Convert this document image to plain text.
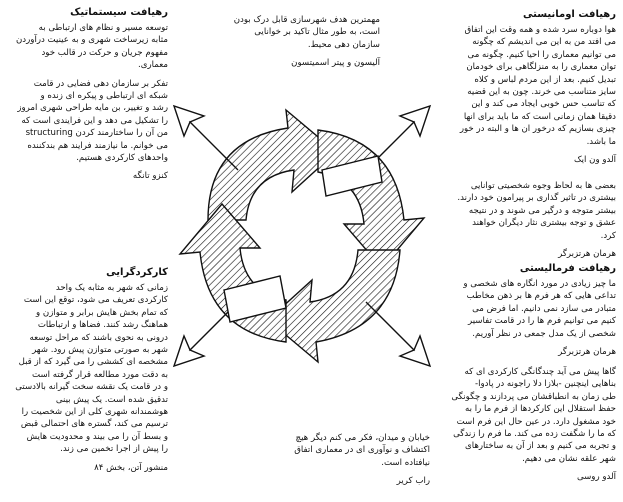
رهیافت سیستماتیک

توسعه مسیر و نظام های ارتباطی به
مثابه زیرساخت شهری و به عینیت درآوردن
مفهوم جریان و حرکت در قالب خود
معماری.

تفکر بر سازمان دهی فضایی در قامت
شبکه ای ارتباطی و پیکره ای زنده و
رشد و تغییر، بن مایه طراحی شهری امروز
را تشکیل می دهد و این فرایندی است که
من آن را ساختارمند کردن structuring
می خوانم. ما نیازمند فرایند هم بندکننده
واحدهای کارکردی هستیم.

کنزو تانگه
کارکردگرایی

زمانی که شهر به مثابه یک واحد
کارکردی تعریف می شود، توقع این است
که تمام بخش هایش برابر و متوازن و
هماهنگ رشد کنند. فضاها و ارتباطات
درونی به نحوی باشند که مراحل توسعه
شهر به صورتی متوازن پیش رود. شهر
مشخصه ای کششی را می گیرد که از قبل
به دقت مورد مطالعه قرار گرفته است
و در قامت یک نقشه سخت گیرانه بالادستی
تدقیق شده است. یک پیش بینی
هوشمندانه شهری کلی از این شخصیت را
ترسیم می کند، گستره های احتمالی قبض
و بسط آن را می بیند و محدودیت هایش
را پیش از اجرا تخمین می زند.

منشور آتن، بخش ۸۴

مهمترین هدف شهرسازی قابل درک بودن
است، به طور مثال تاکید بر خوانایی
سازمان دهی محیط.

آلیسون و پیتر اسمیتسون
رهیافت اومانیستی

هوا دوباره سرد شده و همه وقت این اتفاق
می افتد من به این می اندیشم که چگونه
می توانیم معماری را احیا کنیم. چگونه می
توان معماری را به منزلگاهی برای خودمان
تبدیل کنیم. بعد از این مردم لباس و کلاه
سایز متناسب می خرند. چون به این قضیه
که تناسب حس خوبی ایجاد می کند و این
دقیقا همان زمانی است که ما باید برای انها
چیزی بسازیم که درخور ان ها و البته در خور
ما باشد.

آلدو ون ایک

بعضی ها به لحاظ وجوه شخصیتی توانایی
بیشتری در تاثیر گذاری بر پیرامون خود دارند.
بیشتر متوجه و درگیر می شوند و در نتیجه
عشق و توجه بیشتری نثار دیگران خواهند
کرد.

هرمان هرتزبرگر
رهیافت فرمالیستی

ما چیز زیادی در مورد انگاره های شخصی و
تداعی هایی که هر فرم ها بر ذهن مخاطب
متبادر می سازد نمی دانیم. اما فرض می
کنیم می توانیم فرم ها را در قامت تفاسیر
شخصی از یک مدل جمعی در نظر آوریم.

هرمان هرتزبرگر

گاها پیش می آید چندگانگی کارکردی ای که
بناهایی اینچنین -بلازا دلا راجونه در پادوا-
طی زمان به انطباقشان می پردازند و چگونگی
حفظ استقلال این کارکردها از فرم ما را به
خود مشغول دارد. در عین حال این فرم است
که ما را شگفت زده می کند. ما فرم را زندگی
و تجربه می کنیم و بعد از آن به ساختارهای
شهر علقه نشان می دهیم.

آلدو روسی

خیابان و میدان، فکر می کنم دیگر هیچ
اکتشاف و نوآوری ای در معماری اتفاق
نیافتاده است.

راب کریر
